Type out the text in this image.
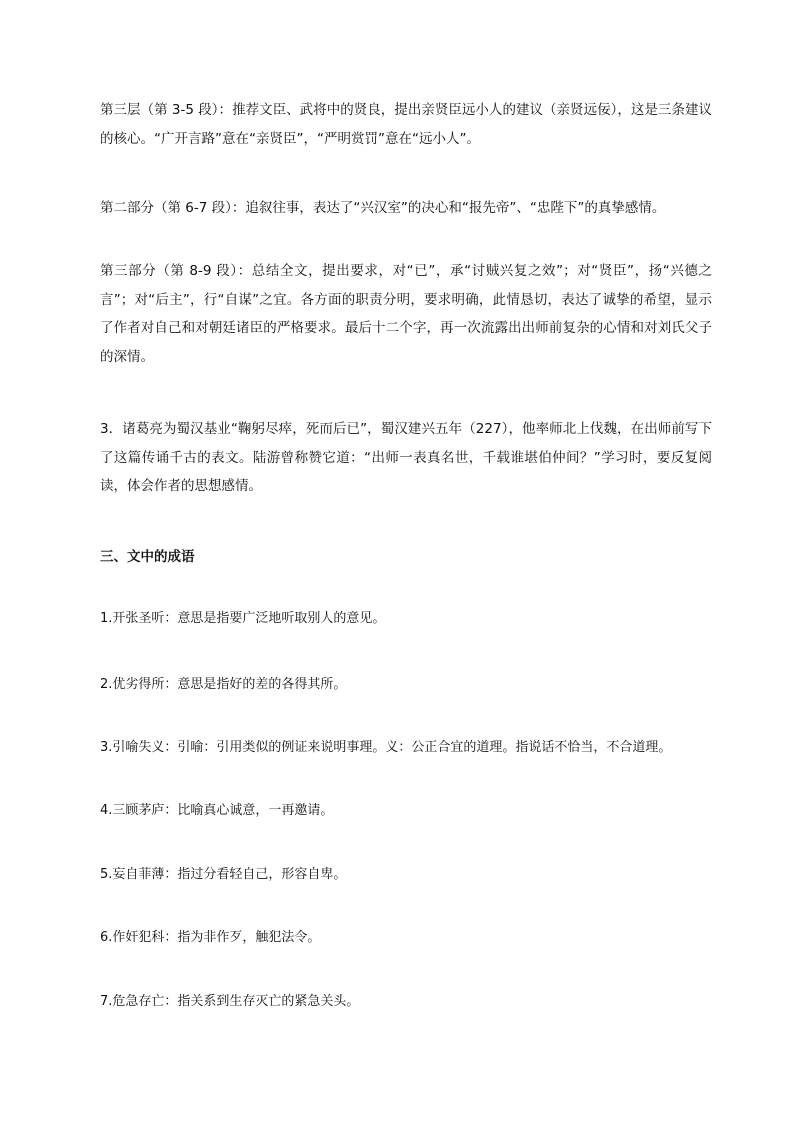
第三层（第 3-5 段）：推荐文臣、武将中的贤良，提出亲贤臣远小人的建议（亲贤远佞），这是三条建议的核心。“广开言路”意在“亲贤臣”，“严明赏罚”意在“远小人”。

第二部分（第 6-7 段）：追叙往事，表达了“兴汉室”的决心和“报先帝”、“忠陛下”的真挚感情。

第三部分（第 8-9 段）：总结全文，提出要求，对“已”，承“讨贼兴复之效”；对“贤臣”，扬“兴德之言”；对“后主”，行“自谋”之宜。各方面的职责分明，要求明确，此情恳切，表达了诚挚的希望，显示了作者对自己和对朝廷诸臣的严格要求。最后十二个字，再一次流露出出师前复杂的心情和对刘氏父子的深情。

3．诸葛亮为蜀汉基业“鞠躬尽瘁，死而后已”，蜀汉建兴五年（227），他率师北上伐魏，在出师前写下了这篇传诵千古的表文。陆游曾称赞它道：“出师一表真名世，千载谁堪伯仲间？”学习时，要反复阅读，体会作者的思想感情。

三、文中的成语

1.开张圣听：意思是指要广泛地听取别人的意见。

2.优劣得所：意思是指好的差的各得其所。

3.引喻失义：引喻：引用类似的例证来说明事理。义：公正合宜的道理。指说话不恰当，不合道理。

4.三顾茅庐：比喻真心诚意，一再邀请。

5.妄自菲薄：指过分看轻自己，形容自卑。

6.作奸犯科：指为非作歹，触犯法令。

7.危急存亡：指关系到生存灭亡的紧急关头。
